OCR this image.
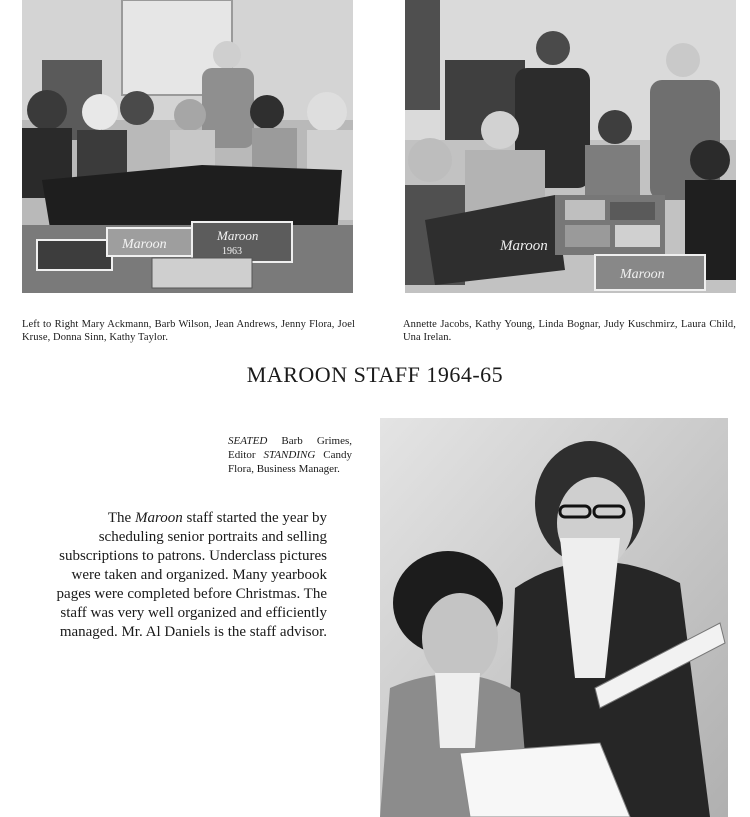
Maroon
Maroon
1963	Maroon
Maroon

Left to Right Mary Ackmann, Barb Wilson, Jean Andrews, Jenny Flora, Joel Kruse, Donna Sinn, Kathy Taylor.

Annette Jacobs, Kathy Young, Linda Bognar, Judy Kuschmirz, Laura Child, Una Irelan.

MAROON STAFF 1964-65
SEATED Barb Grimes, Editor STANDING Candy Flora, Business Manager.
The Maroon staff started the year by scheduling senior portraits and selling subscriptions to patrons. Underclass pictures were taken and organized. Many yearbook pages were completed before Christmas. The staff was very well organized and efficiently managed. Mr. Al Daniels is the staff advisor.
